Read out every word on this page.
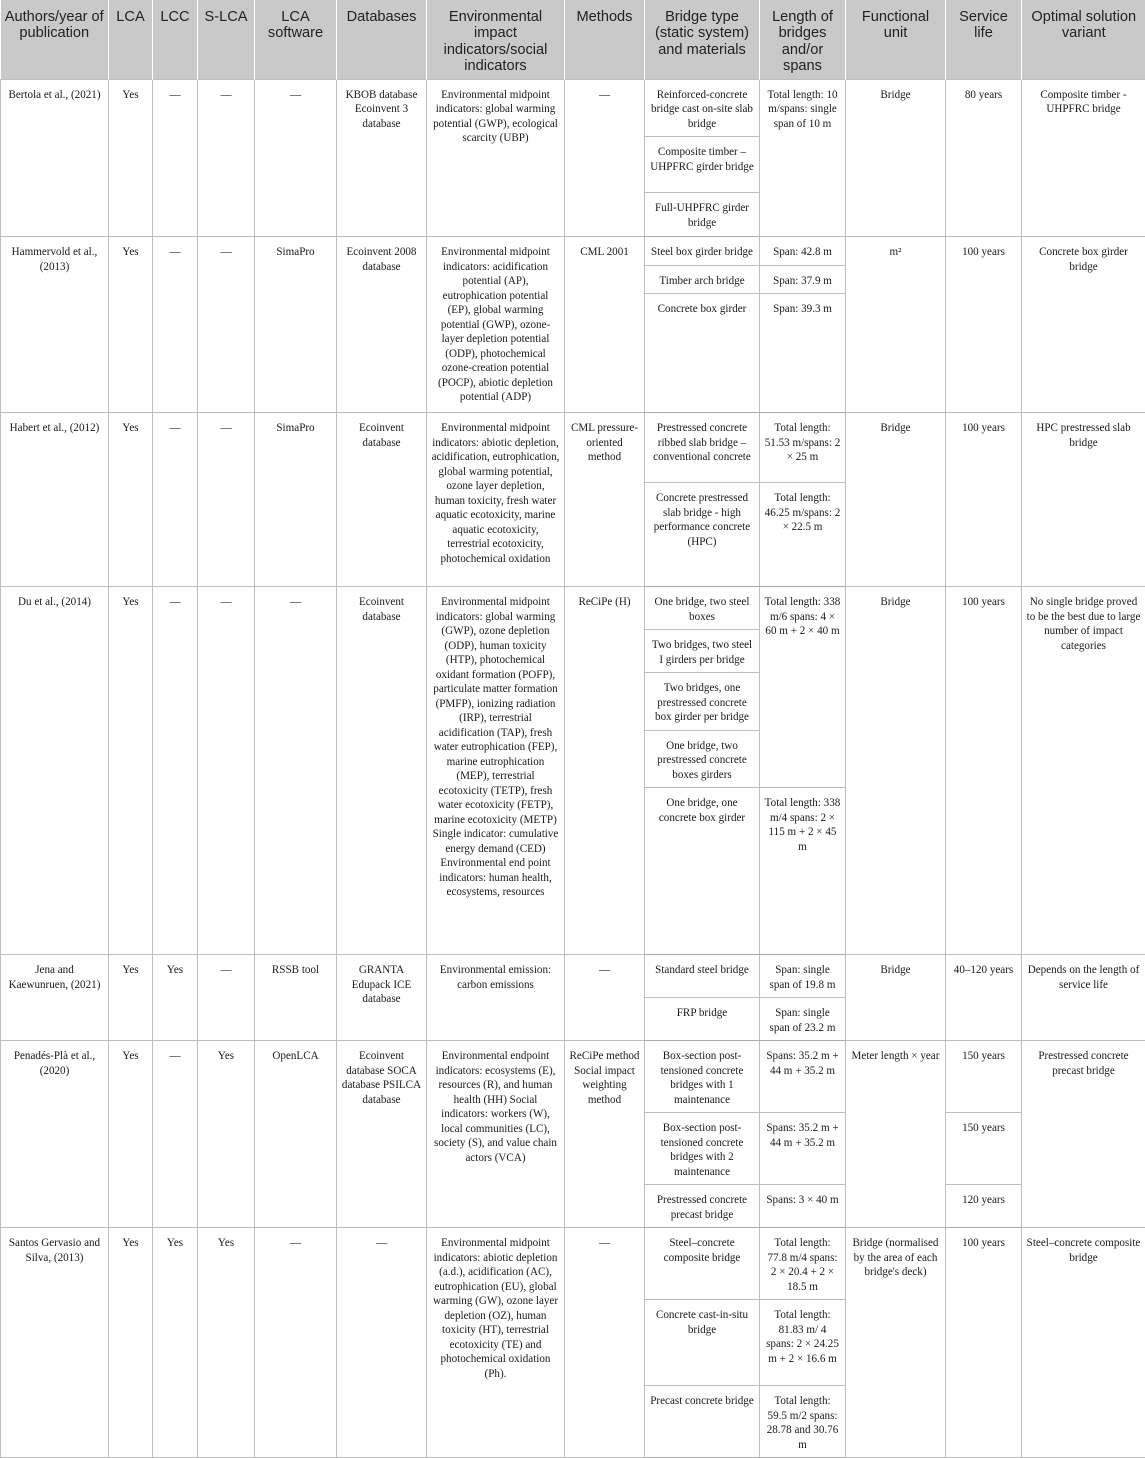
Authors/year of publication	LCA	LCC	S-LCA	LCA software	Databases	Environmental impact indicators/social indicators	Methods	Bridge type (static system) and materials	Length of bridges and/or spans	Functional unit	Service life	Optimal solution variant
Bertola et al., (2021)	Yes	—	—	—	KBOB database Ecoinvent 3 database	Environmental midpoint indicators: global warming potential (GWP), ecological scarcity (UBP)	—	Reinforced-concrete bridge cast on-site slab bridge	Total length: 10 m/spans: single span of 10 m	Bridge	80 years	Composite timber - UHPFRC bridge
								Composite timber – UHPFRC girder bridge				
								Full-UHPFRC girder bridge				
Hammervold et al., (2013)	Yes	—	—	SimaPro	Ecoinvent 2008 database	Environmental midpoint indicators: acidification potential (AP), eutrophication potential (EP), global warming potential (GWP), ozone-layer depletion potential (ODP), photochemical ozone-creation potential (POCP), abiotic depletion potential (ADP)	CML 2001	Steel box girder bridge	Span: 42.8 m	m²	100 years	Concrete box girder bridge
								Timber arch bridge	Span: 37.9 m			
								Concrete box girder	Span: 39.3 m			
Habert et al., (2012)	Yes	—	—	SimaPro	Ecoinvent database	Environmental midpoint indicators: abiotic depletion, acidification, eutrophication, global warming potential, ozone layer depletion, human toxicity, fresh water aquatic ecotoxicity, marine aquatic ecotoxicity, terrestrial ecotoxicity, photochemical oxidation	CML pressure-oriented method	Prestressed concrete ribbed slab bridge – conventional concrete	Total length: 51.53 m/spans: 2 × 25 m	Bridge	100 years	HPC prestressed slab bridge
								Concrete prestressed slab bridge - high performance concrete (HPC)	Total length: 46.25 m/spans: 2 × 22.5 m			
Du et al., (2014)	Yes	—	—	—	Ecoinvent database	Environmental midpoint indicators: global warming (GWP), ozone depletion (ODP), human toxicity (HTP), photochemical oxidant formation (POFP), particulate matter formation (PMFP), ionizing radiation (IRP), terrestrial acidification (TAP), fresh water eutrophication (FEP), marine eutrophication (MEP), terrestrial ecotoxicity (TETP), fresh water ecotoxicity (FETP), marine ecotoxicity (METP) Single indicator: cumulative energy demand (CED) Environmental end point indicators: human health, ecosystems, resources	ReCiPe (H)	One bridge, two steel boxes	Total length: 338 m/6 spans: 4 × 60 m + 2 × 40 m	Bridge	100 years	No single bridge proved to be the best due to large number of impact categories
								Two bridges, two steel I girders per bridge				
								Two bridges, one prestressed concrete box girder per bridge				
								One bridge, two prestressed concrete boxes girders				
								One bridge, one concrete box girder	Total length: 338 m/4 spans: 2 × 115 m + 2 × 45 m			
Jena and Kaewunruen, (2021)	Yes	Yes	—	RSSB tool	GRANTA Edupack ICE database	Environmental emission: carbon emissions	—	Standard steel bridge	Span: single span of 19.8 m	Bridge	40–120 years	Depends on the length of service life
								FRP bridge	Span: single span of 23.2 m			
Penadés-Plà et al., (2020)	Yes	—	Yes	OpenLCA	Ecoinvent database SOCA database PSILCA database	Environmental endpoint indicators: ecosystems (E), resources (R), and human health (HH) Social indicators: workers (W), local communities (LC), society (S), and value chain actors (VCA)	ReCiPe method Social impact weighting method	Box-section post-tensioned concrete bridges with 1 maintenance	Spans: 35.2 m + 44 m + 35.2 m	Meter length × year	150 years	Prestressed concrete precast bridge
								Box-section post-tensioned concrete bridges with 2 maintenance	Spans: 35.2 m + 44 m + 35.2 m		150 years	
								Prestressed concrete precast bridge	Spans: 3 × 40 m		120 years	
Santos Gervasio and Silva, (2013)	Yes	Yes	Yes	—	—	Environmental midpoint indicators: abiotic depletion (a.d.), acidification (AC), eutrophication (EU), global warming (GW), ozone layer depletion (OZ), human toxicity (HT), terrestrial ecotoxicity (TE) and photochemical oxidation (Ph).	—	Steel–concrete composite bridge	Total length: 77.8 m/4 spans: 2 × 20.4 + 2 × 18.5 m	Bridge (normalised by the area of each bridge's deck)	100 years	Steel–concrete composite bridge
								Concrete cast-in-situ bridge	Total length: 81.83 m/ 4 spans: 2 × 24.25 m + 2 × 16.6 m			
								Precast concrete bridge	Total length: 59.5 m/2 spans: 28.78 and 30.76 m			
